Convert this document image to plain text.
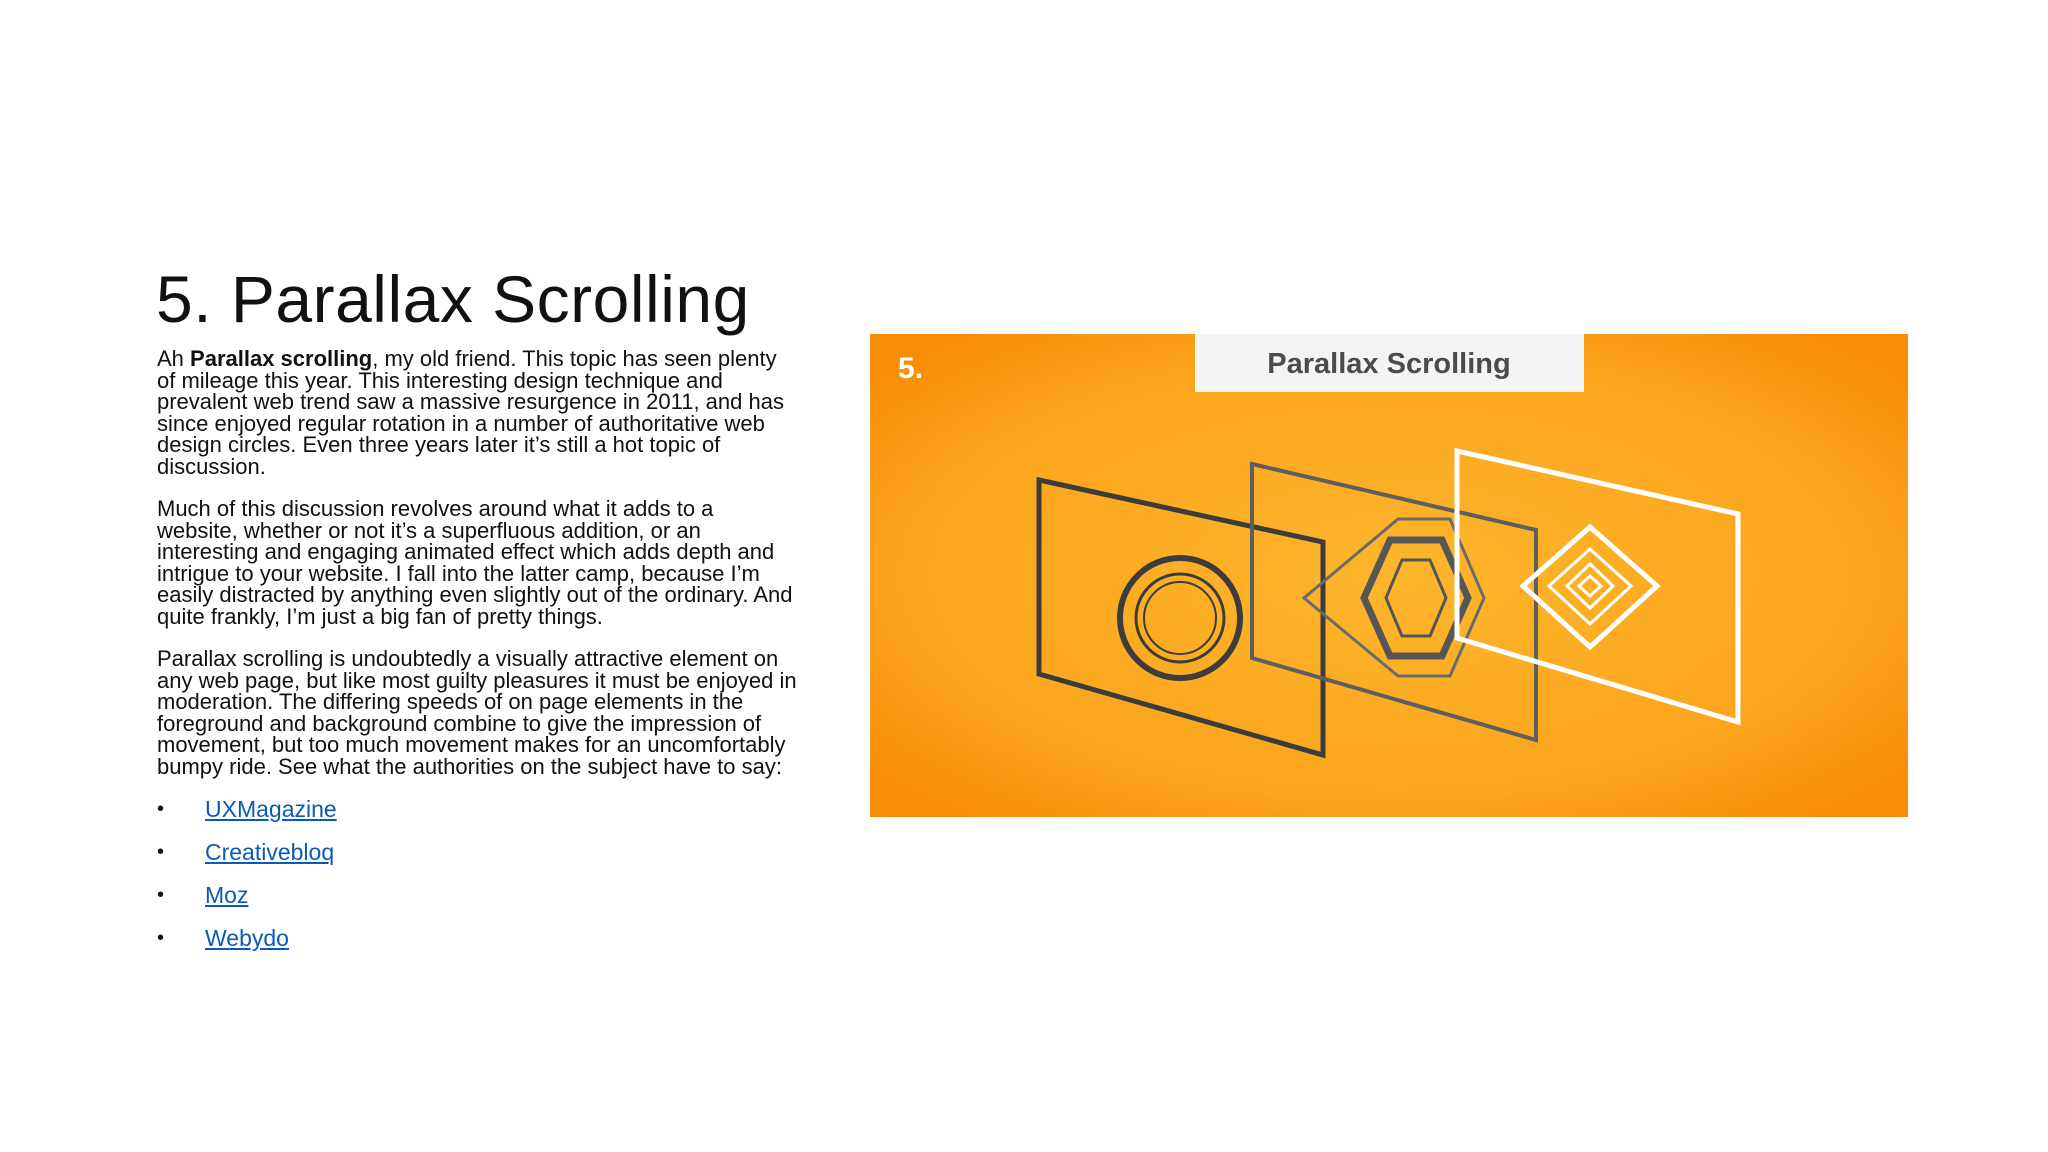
5. Parallax Scrolling

Ah Parallax scrolling, my old friend. This topic has seen plenty of mileage this year. This interesting design technique and prevalent web trend saw a massive resurgence in 2011, and has since enjoyed regular rotation in a number of authoritative web design circles. Even three years later it’s still a hot topic of discussion.

Much of this discussion revolves around what it adds to a website, whether or not it’s a superfluous addition, or an interesting and engaging animated effect which adds depth and intrigue to your website. I fall into the latter camp, because I’m easily distracted by anything even slightly out of the ordinary. And quite frankly, I’m just a big fan of pretty things.

Parallax scrolling is undoubtedly a visually attractive element on any web page, but like most guilty pleasures it must be enjoyed in moderation. The differing speeds of on page elements in the foreground and background combine to give the impression of movement, but too much movement makes for an uncomfortably bumpy ride. See what the authorities on the subject have to say:

• UXMagazine
• Creativebloq
• Moz
• Webydo
5.	Parallax Scrolling
